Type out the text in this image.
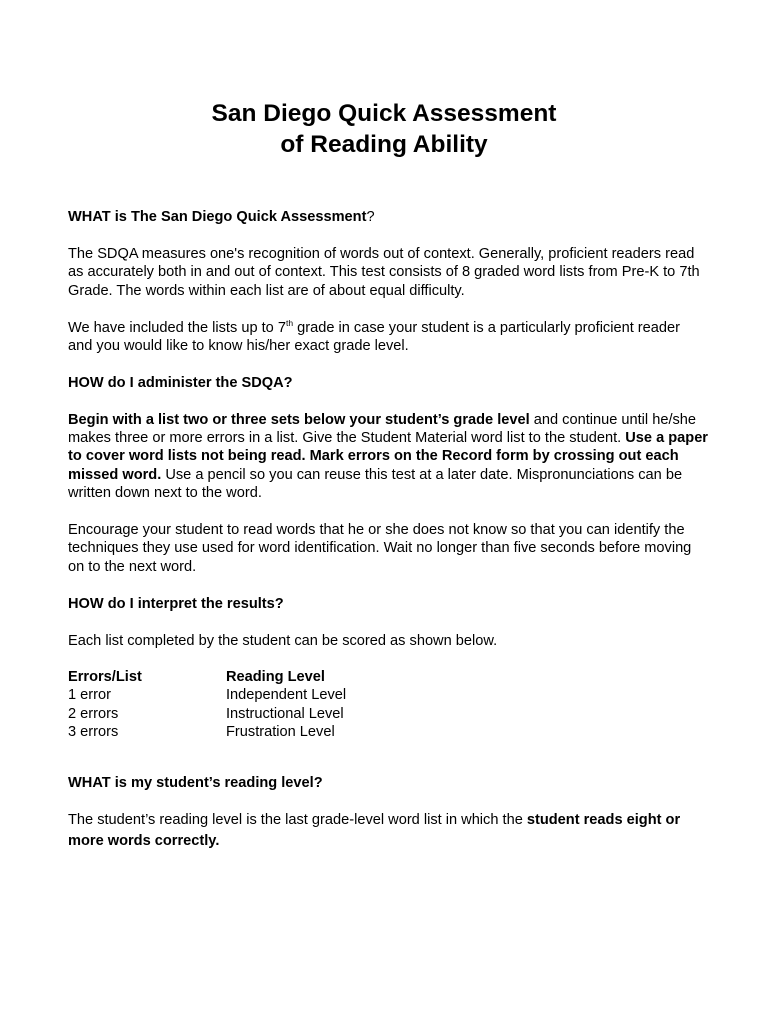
San Diego Quick Assessment
of Reading Ability

WHAT is The San Diego Quick Assessment?

The SDQA measures one's recognition of words out of context. Generally, proficient readers read as accurately both in and out of context. This test consists of 8 graded word lists from Pre-K to 7th Grade. The words within each list are of about equal difficulty.

We have included the lists up to 7th grade in case your student is a particularly proficient reader and you would like to know his/her exact grade level.

HOW do I administer the SDQA?

Begin with a list two or three sets below your student’s grade level and continue until he/she makes three or more errors in a list. Give the Student Material word list to the student. Use a paper to cover word lists not being read. Mark errors on the Record form by crossing out each missed word. Use a pencil so you can reuse this test at a later date. Mispronunciations can be written down next to the word.

Encourage your student to read words that he or she does not know so that you can identify the techniques they use used for word identification. Wait no longer than five seconds before moving on to the next word.

HOW do I interpret the results?

Each list completed by the student can be scored as shown below.

Errors/List	Reading Level
1 error	Independent Level
2 errors	Instructional Level
3 errors	Frustration Level

WHAT is my student’s reading level?

The student’s reading level is the last grade-level word list in which the student reads eight or more words correctly.
